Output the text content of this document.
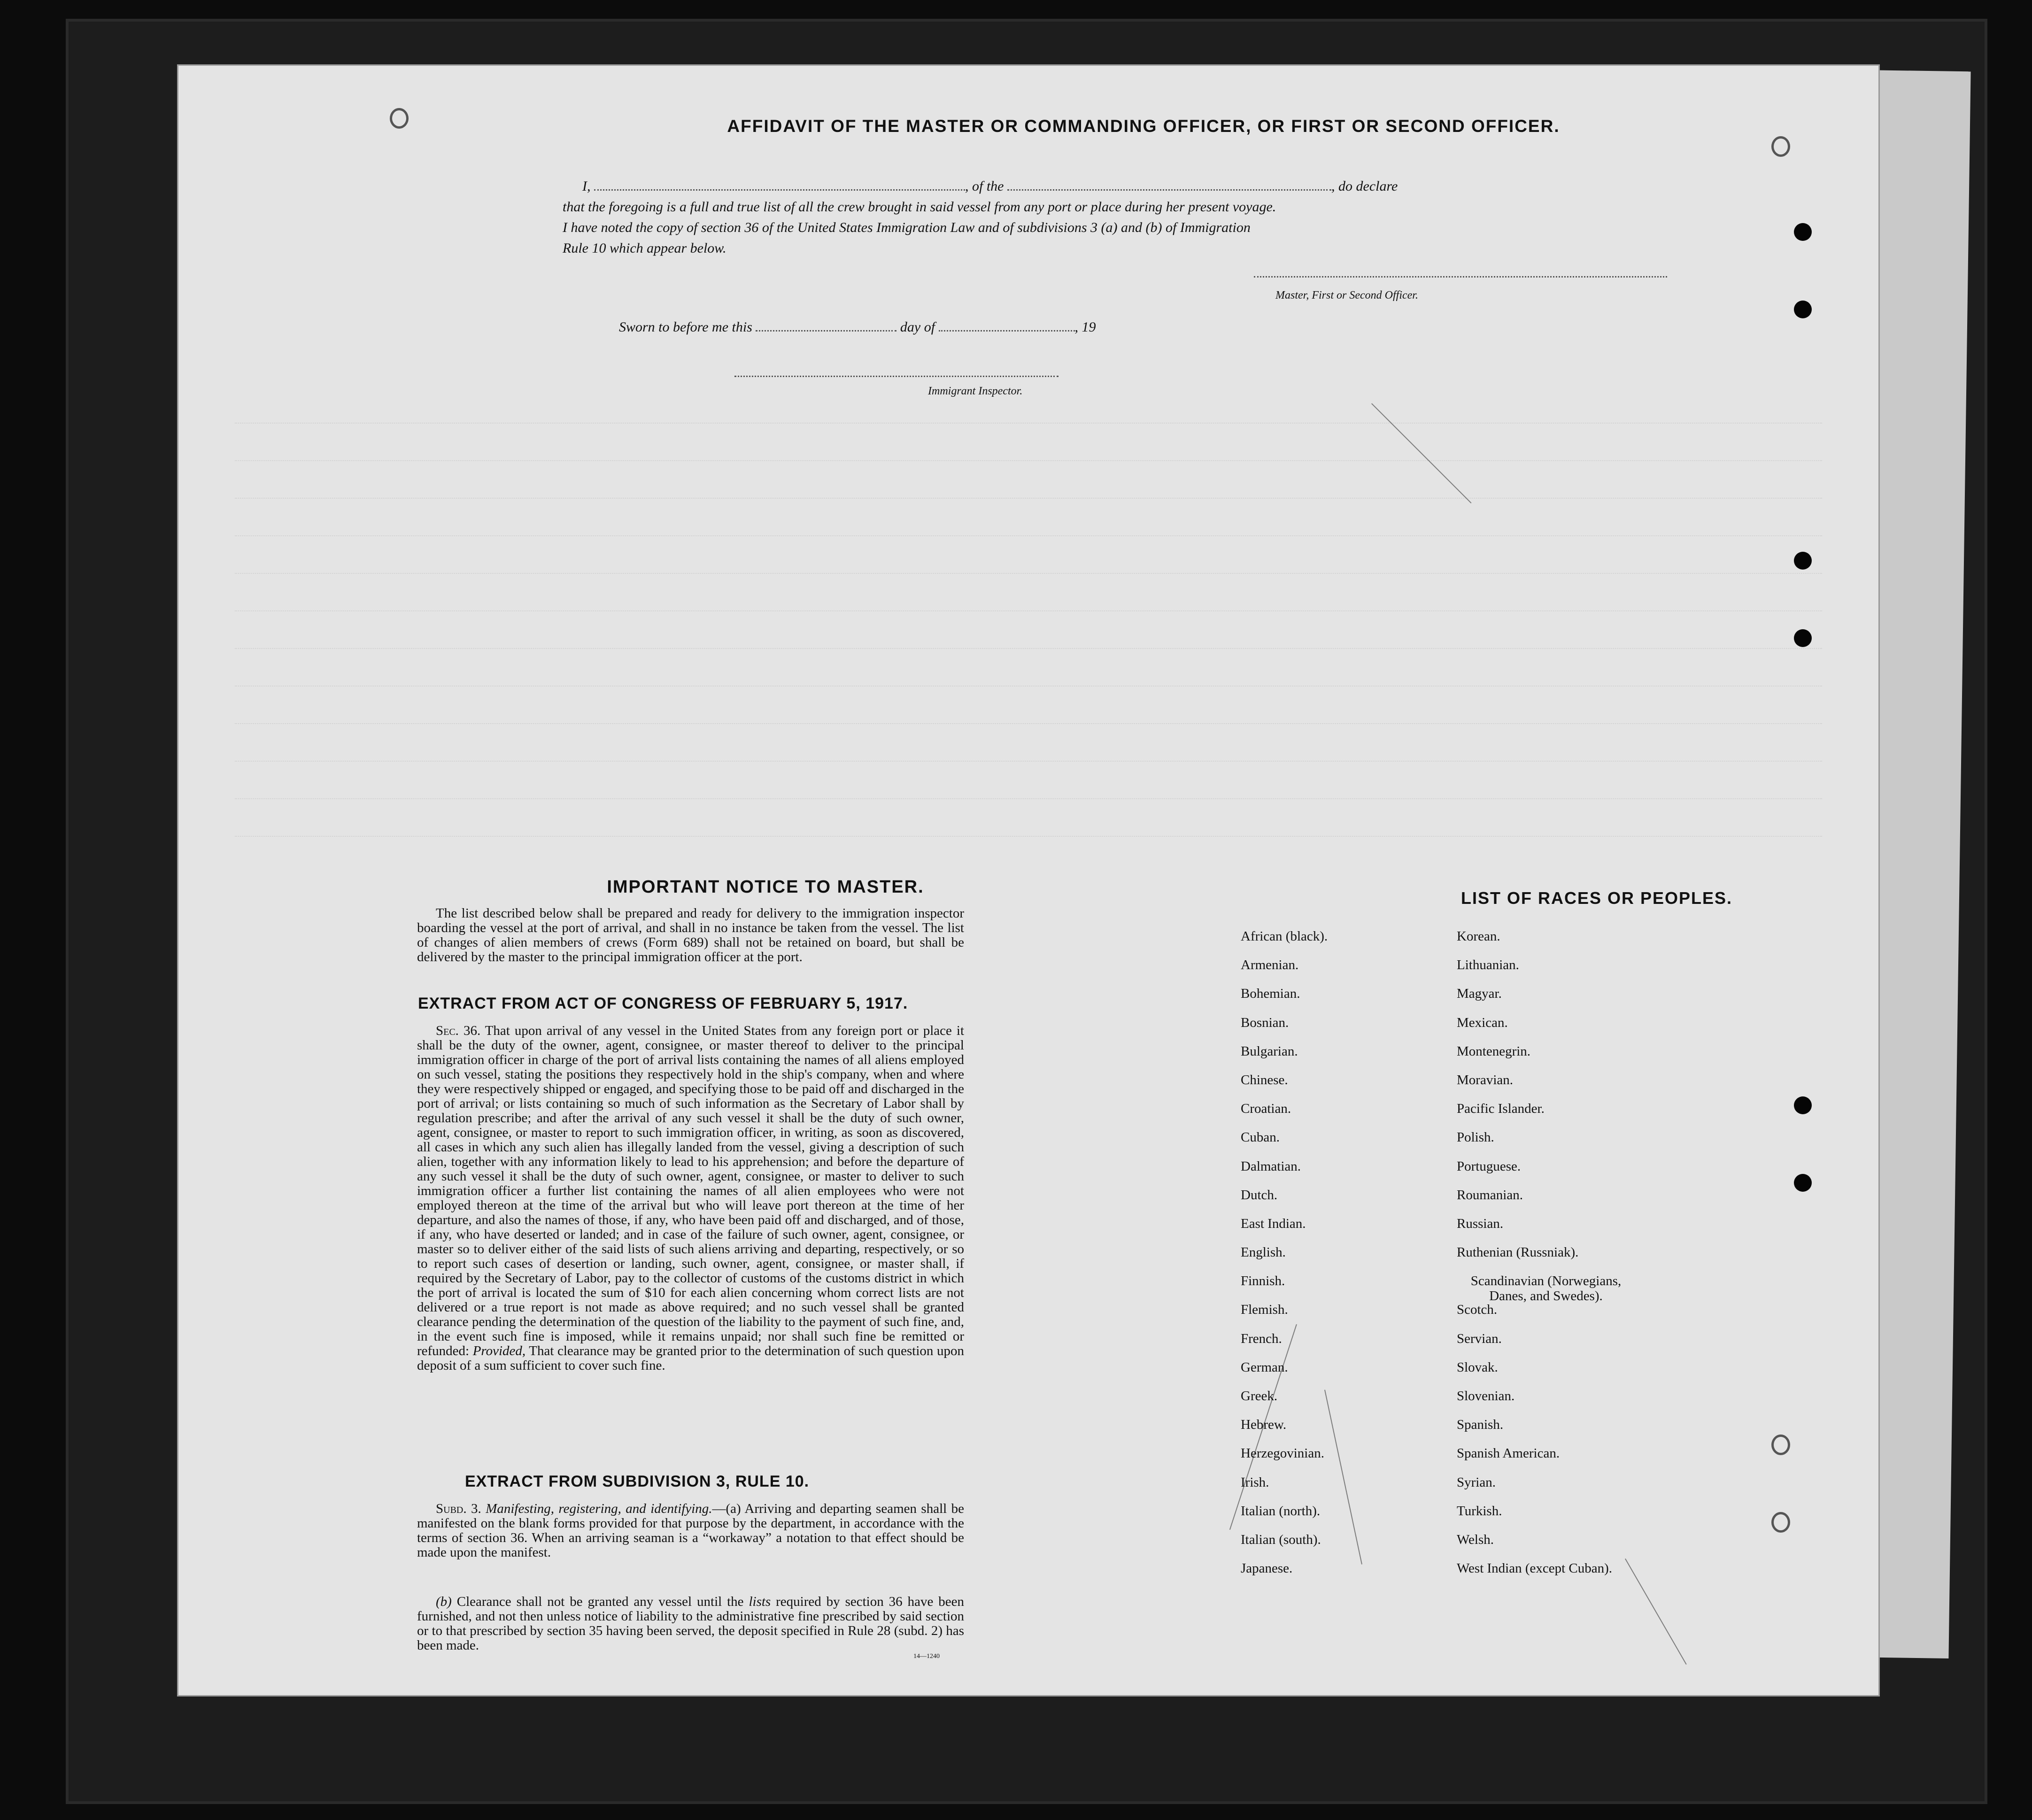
AFFIDAVIT OF THE MASTER OR COMMANDING OFFICER, OR FIRST OR SECOND OFFICER.
I,	, of the	, do declare
that the foregoing is a full and true list of all the crew brought in said vessel from any port or place during her present voyage.
I have noted the copy of section 36 of the United States Immigration Law and of subdivisions 3 (a) and (b) of Immigration
Rule 10 which appear below.
Master, First or Second Officer.
Sworn to before me this	day of	, 19
Immigrant Inspector.
IMPORTANT NOTICE TO MASTER.
The list described below shall be prepared and ready for delivery to the immigration inspector boarding the vessel at the port of arrival, and shall in no instance be taken from the vessel. The list of changes of alien members of crews (Form 689) shall not be retained on board, but shall be delivered by the master to the principal immigration officer at the port.
EXTRACT FROM ACT OF CONGRESS OF FEBRUARY 5, 1917.
Sec. 36. That upon arrival of any vessel in the United States from any foreign port or place it shall be the duty of the owner, agent, consignee, or master thereof to deliver to the principal immigration officer in charge of the port of arrival lists containing the names of all aliens employed on such vessel, stating the positions they respectively hold in the ship's company, when and where they were respectively shipped or engaged, and specifying those to be paid off and discharged in the port of arrival; or lists containing so much of such information as the Secretary of Labor shall by regulation prescribe; and after the arrival of any such vessel it shall be the duty of such owner, agent, consignee, or master to report to such immigration officer, in writing, as soon as discovered, all cases in which any such alien has illegally landed from the vessel, giving a description of such alien, together with any information likely to lead to his apprehension; and before the departure of any such vessel it shall be the duty of such owner, agent, consignee, or master to deliver to such immigration officer a further list containing the names of all alien employees who were not employed thereon at the time of the arrival but who will leave port thereon at the time of her departure, and also the names of those, if any, who have been paid off and discharged, and of those, if any, who have deserted or landed; and in case of the failure of such owner, agent, consignee, or master so to deliver either of the said lists of such aliens arriving and departing, respectively, or so to report such cases of desertion or landing, such owner, agent, consignee, or master shall, if required by the Secretary of Labor, pay to the collector of customs of the customs district in which the port of arrival is located the sum of $10 for each alien concerning whom correct lists are not delivered or a true report is not made as above required; and no such vessel shall be granted clearance pending the determination of the question of the liability to the payment of such fine, and, in the event such fine is imposed, while it remains unpaid; nor shall such fine be remitted or refunded: Provided, That clearance may be granted prior to the determination of such question upon deposit of a sum sufficient to cover such fine.
EXTRACT FROM SUBDIVISION 3, RULE 10.
Subd. 3. Manifesting, registering, and identifying.—(a) Arriving and departing seamen shall be manifested on the blank forms provided for that purpose by the department, in accordance with the terms of section 36. When an arriving seaman is a “workaway” a notation to that effect should be made upon the manifest.
(b) Clearance shall not be granted any vessel until the lists required by section 36 have been furnished, and not then unless notice of liability to the administrative fine prescribed by said section or to that prescribed by section 35 having been served, the deposit specified in Rule 28 (subd. 2) has been made.
14—1240
LIST OF RACES OR PEOPLES.
African (black).
Armenian.
Bohemian.
Bosnian.
Bulgarian.
Chinese.
Croatian.
Cuban.
Dalmatian.
Dutch.
East Indian.
English.
Finnish.
Flemish.
French.
German.
Greek.
Hebrew.
Herzegovinian.
Irish.
Italian (north).
Italian (south).
Japanese.
Korean.
Lithuanian.
Magyar.
Mexican.
Montenegrin.
Moravian.
Pacific Islander.
Polish.
Portuguese.
Roumanian.
Russian.
Ruthenian (Russniak).
Scandinavian (Norwegians, Danes, and Swedes).
Scotch.
Servian.
Slovak.
Slovenian.
Spanish.
Spanish American.
Syrian.
Turkish.
Welsh.
West Indian (except Cuban).
